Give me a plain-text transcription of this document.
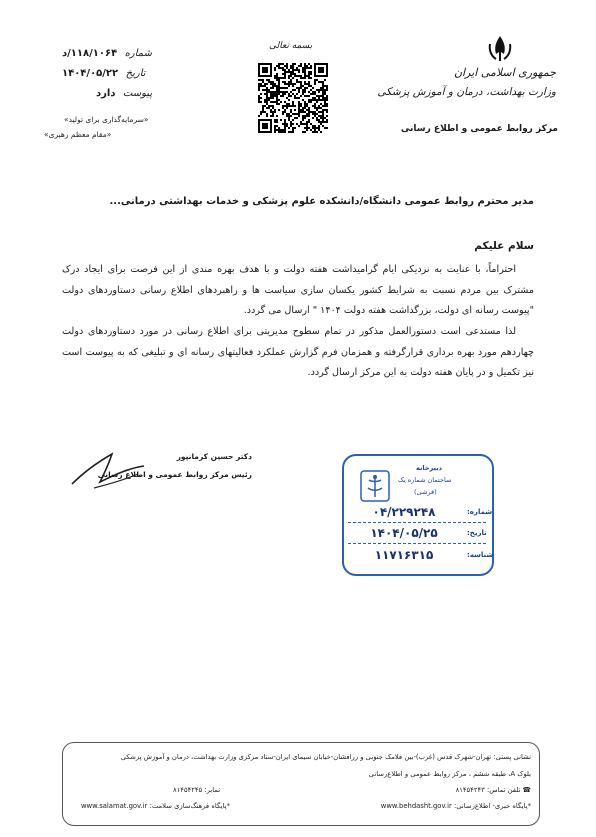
شماره ۱۱۸/۱۰۶۴/د
تاریخ ۱۴۰۴/۰۵/۲۲
پیوست دارد
«سرمایه‌گذاری برای تولید»
«مقام معظم رهبری»
بسمه تعالی
جمهوری اسلامی ایران
وزارت بهداشت، درمان و آموزش پزشکی
مرکز روابط عمومی و اطلاع رسانی
مدیر محترم روابط عمومی دانشگاه/دانشکده علوم پزشکی و خدمات بهداشتی درمانی...
سلام علیکم
احتراماً، با عنایت به نزدیکی ایام گرامیداشت هفته دولت و با هدف بهره مندی از این فرصت برای ایجاد درک مشترک بین مردم نسبت به شرایط کشور یکسان سازی سیاست ها و راهبردهای اطلاع رسانی دستاوردهای دولت "پیوست رسانه ای دولت، بزرگداشت هفته دولت ۱۴۰۴ " ارسال می گردد.
لذا مستدعی است دستورالعمل مذکور در تمام سطوح مدیریتی برای اطلاع رسانی در مورد دستاوردهای دولت چهاردهم مورد بهره برداری قرارگرفته و همزمان فرم گزارش عملکرد فعالیتهای رسانه ای و تبلیغی که به پیوست است نیز تکمیل و در پایان هفته دولت به این مرکز ارسال گردد.
دکتر حسین کرمانپور
رئیس مرکز روابط عمومی و اطلاع رسانی
دبیرخانه
ساختمان شماره یک
(قرشی)
شماره:
۰۴/۲۲۹۲۴۸
تاریخ:
۱۴۰۴/۰۵/۲۵
شناسه:
۱۱۷۱۶۳۱۵
نشانی پستی: تهران-شهرک قدس (غرب)-بین فلامک جنوبی و زرافشان-خیابان سیمای ایران-ستاد مرکزی وزارت بهداشت، درمان و آموزش پزشکی
بلوک A، طبقه ششم ، مرکز روابط عمومی و اطلاع‌رسانی
☎ تلفن تماس: ۸۱۴۵۴۲۴۳
نمابر: ۸۱۴۵۴۲۴۵
*پایگاه خبری- اطلاع‌رسانی: www.behdasht.gov.ir
*پایگاه فرهنگ‌سازی سلامت: www.salamat.gov.ir
